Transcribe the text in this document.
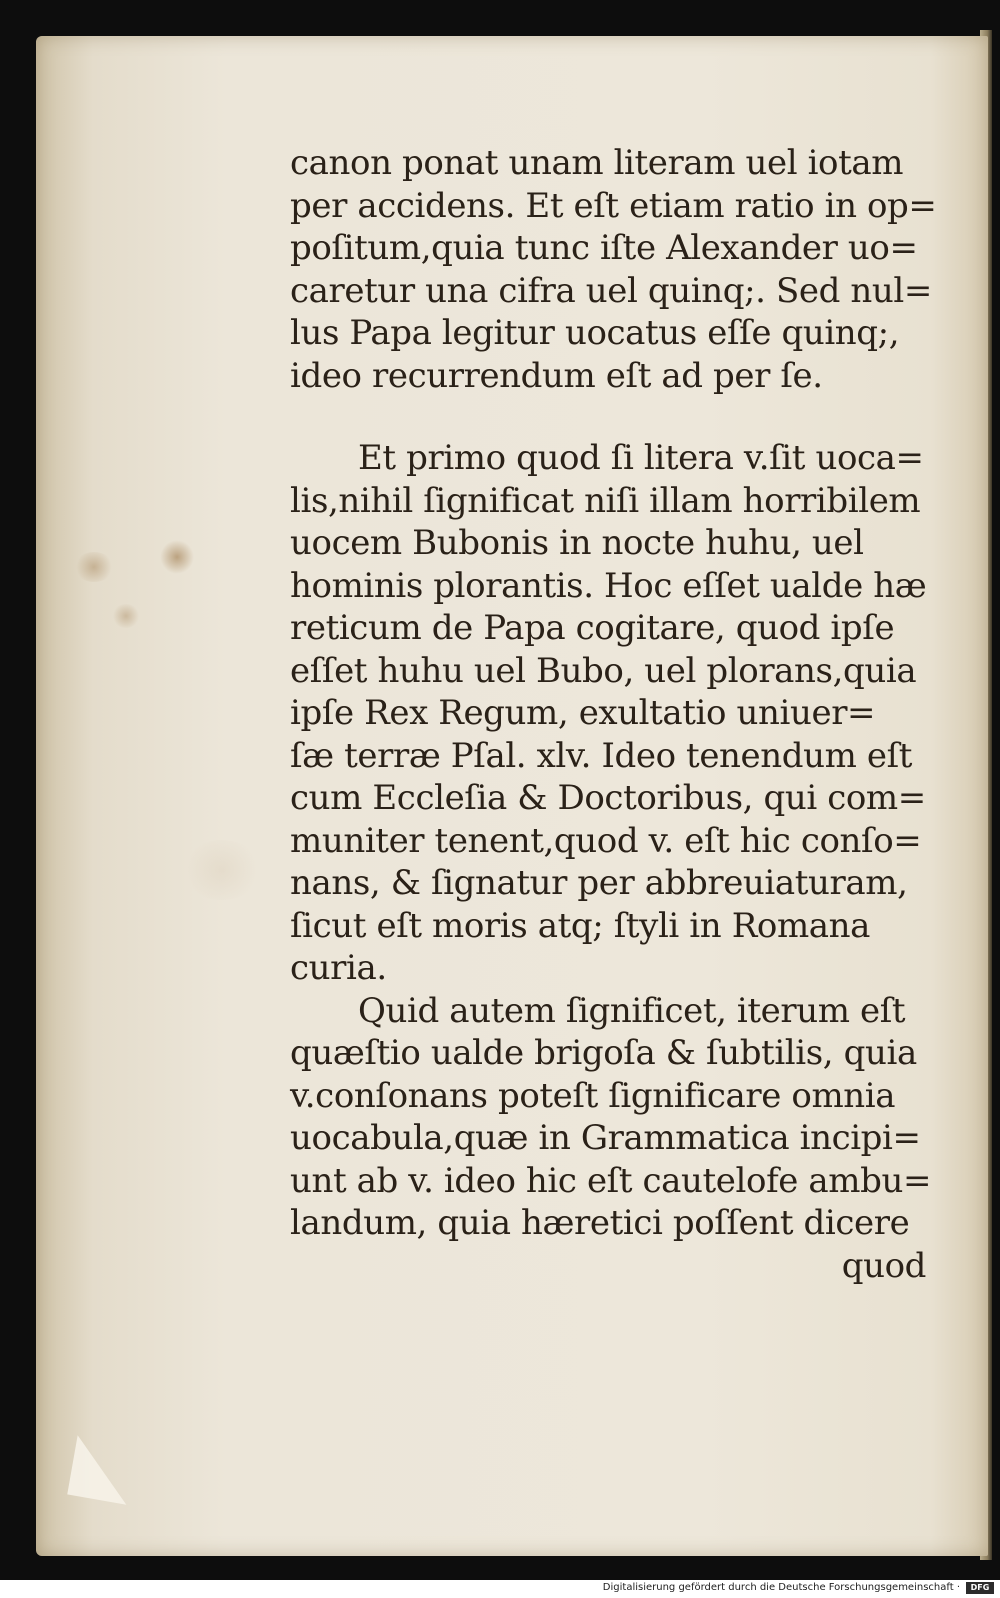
canon ponat unam literam uel iotam
per accidens. Et eſt etiam ratio in op=
poſitum,quia tunc iſte Alexander uo=
caretur una cifra uel quinq;. Sed nul=
lus Papa legitur uocatus eſſe quinq;,
ideo recurrendum eſt ad per ſe.
Et primo quod ſi litera v.ſit uoca=
lis,nihil ſignificat niſi illam horribilem
uocem Bubonis in nocte huhu, uel
hominis plorantis. Hoc eſſet ualde hæ
reticum de Papa cogitare, quod ipſe
eſſet huhu uel Bubo, uel plorans,quia
ipſe Rex Regum, exultatio uniuer=
ſæ terræ Pſal. xlv. Ideo tenendum eſt
cum Eccleſia & Doctoribus, qui com=
muniter tenent,quod v. eſt hic conſo=
nans, & ſignatur per abbreuiaturam,
ſicut eſt moris atq; ſtyli in Romana
curia.
Quid autem ſignificet, iterum eſt
quæſtio ualde brigoſa & ſubtilis, quia
v.conſonans poteſt ſignificare omnia
uocabula,quæ in Grammatica incipi=
unt ab v. ideo hic eſt cautelofe ambu=
landum, quia hæretici poſſent dicere
quod
Digitalisierung gefördert durch die Deutsche Forschungsgemeinschaft ·	DFG
